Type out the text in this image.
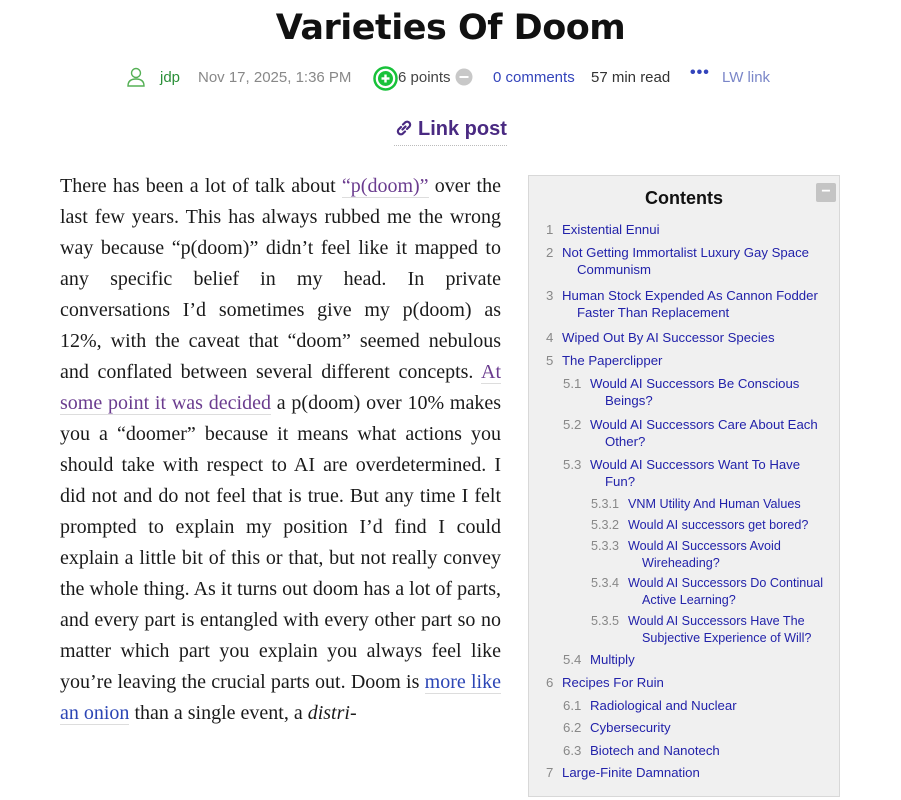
Varieties Of Doom
jdp Nov 17, 2025, 1:36 PM	6 points	0 comments 57 min read ••• LW link
Link post

There has been a lot of talk about “p(doom)” over the last few years. This has always rubbed me the wrong way because “p(doom)” didn’t feel like it mapped to any specific belief in my head. In private conversations I’d sometimes give my p(doom) as 12%, with the caveat that “doom” seemed nebulous and conflated between several different concepts. At some point it was decided a p(doom) over 10% makes you a “doomer” because it means what actions you should take with respect to AI are overdetermined. I did not and do not feel that is true. But any time I felt prompted to explain my position I’d find I could explain a little bit of this or that, but not really convey the whole thing. As it turns out doom has a lot of parts, and every part is entangled with every other part so no matter which part you explain you always feel like you’re leaving the crucial parts out. Doom is more like an onion than a single event, a distri-

Contents	−
1 Existential Ennui
2 Not Getting Immortalist Luxury Gay Space Communism
3 Human Stock Expended As Cannon Fodder Faster Than Replacement
4 Wiped Out By AI Successor Species
5 The Paperclipper
5.1 Would AI Successors Be Conscious Beings?
5.2 Would AI Successors Care About Each Other?
5.3 Would AI Successors Want To Have Fun?
5.3.1 VNM Utility And Human Values
5.3.2 Would AI successors get bored?
5.3.3 Would AI Successors Avoid Wireheading?
5.3.4 Would AI Successors Do Continual Active Learning?
5.3.5 Would AI Successors Have The Subjective Experience of Will?
5.4 Multiply
6 Recipes For Ruin
6.1 Radiological and Nuclear
6.2 Cybersecurity
6.3 Biotech and Nanotech
7 Large-Finite Damnation
